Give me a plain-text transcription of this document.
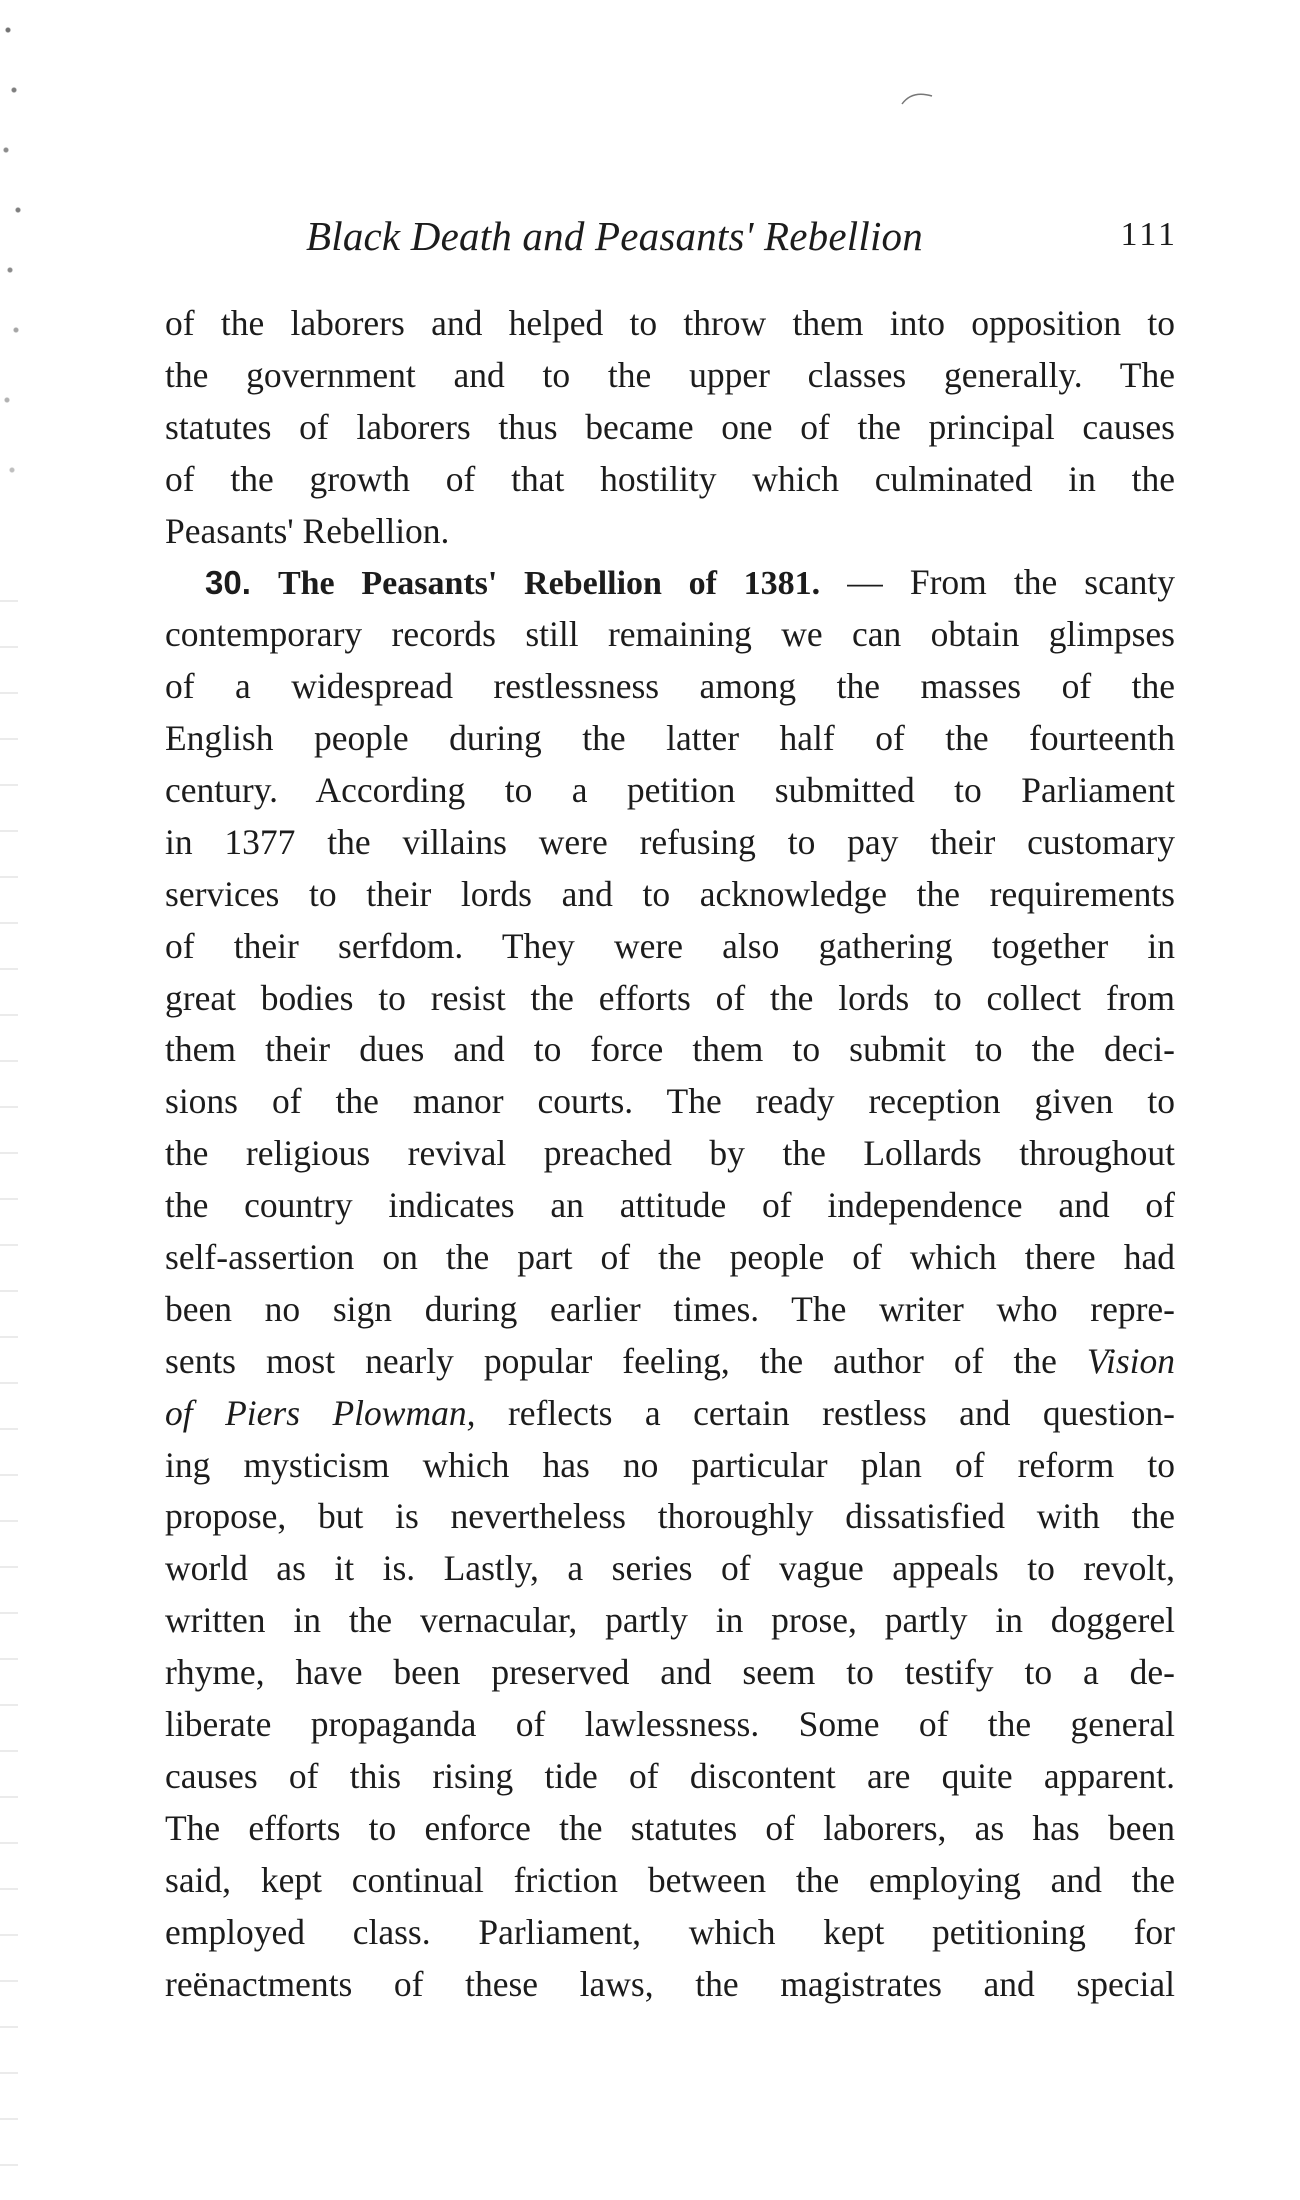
Black Death and Peasants' Rebellion	111
of the laborers and helped to throw them into opposition to
the government and to the upper classes generally. The
statutes of laborers thus became one of the principal causes
of the growth of that hostility which culminated in the
Peasants' Rebellion.
30. The Peasants' Rebellion of 1381. — From the scanty
contemporary records still remaining we can obtain glimpses
of a widespread restlessness among the masses of the
English people during the latter half of the fourteenth
century. According to a petition submitted to Parliament
in 1377 the villains were refusing to pay their customary
services to their lords and to acknowledge the requirements
of their serfdom. They were also gathering together in
great bodies to resist the efforts of the lords to collect from
them their dues and to force them to submit to the deci-
sions of the manor courts. The ready reception given to
the religious revival preached by the Lollards throughout
the country indicates an attitude of independence and of
self-assertion on the part of the people of which there had
been no sign during earlier times. The writer who repre-
sents most nearly popular feeling, the author of the Vision
of Piers Plowman, reflects a certain restless and question-
ing mysticism which has no particular plan of reform to
propose, but is nevertheless thoroughly dissatisfied with the
world as it is. Lastly, a series of vague appeals to revolt,
written in the vernacular, partly in prose, partly in doggerel
rhyme, have been preserved and seem to testify to a de-
liberate propaganda of lawlessness. Some of the general
causes of this rising tide of discontent are quite apparent.
The efforts to enforce the statutes of laborers, as has been
said, kept continual friction between the employing and the
employed class. Parliament, which kept petitioning for
reënactments of these laws, the magistrates and special
